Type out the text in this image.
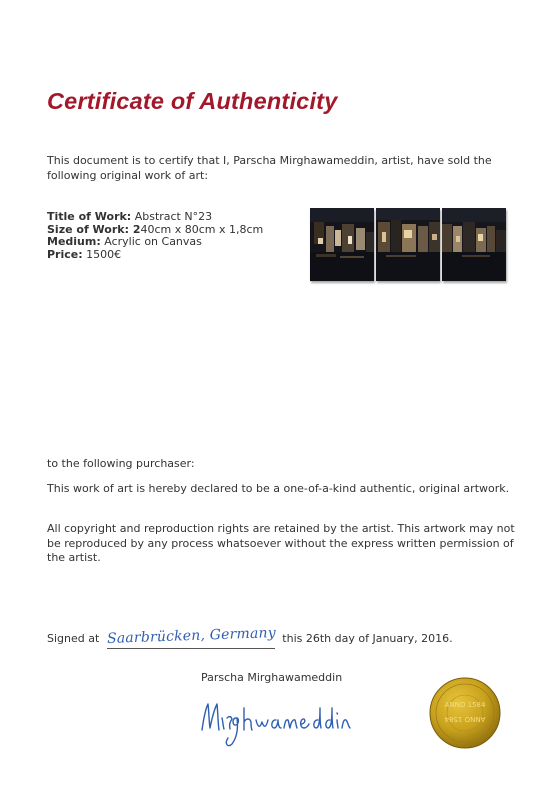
Certificate of Authenticity
This document is to certify that I, Parscha Mirghawameddin, artist, have sold the following original work of art:
Title of Work: Abstract N°23
Size of Work: 240cm x 80cm x 1,8cm
Medium: Acrylic on Canvas
Price: 1500€
to the following purchaser:
This work of art is hereby declared to be a one-of-a-kind authentic, original artwork.
All copyright and reproduction rights are retained by the artist. This artwork may not be reproduced by any process whatsoever without the express written permission of the artist.
Signed at Saarbrücken, Germany this 26th day of January, 2016.
Parscha Mirghawameddin
ANNO 1584
ANNO 1584
